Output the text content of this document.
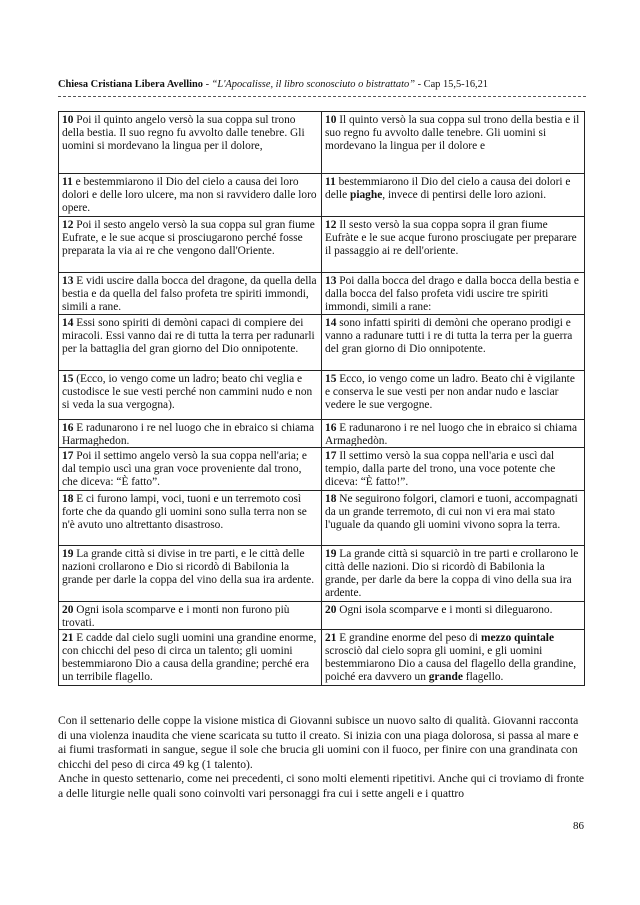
Chiesa Cristiana Libera Avellino - “L'Apocalisse, il libro sconosciuto o bistrattato” - Cap 15,5-16,21
10 Poi il quinto angelo versò la sua coppa sul trono della bestia. Il suo regno fu avvolto dalle tenebre. Gli uomini si mordevano la lingua per il dolore,	10 Il quinto versò la sua coppa sul trono della bestia e il suo regno fu avvolto dalle tenebre. Gli uomini si mordevano la lingua per il dolore e

11 e bestemmiarono il Dio del cielo a causa dei loro dolori e delle loro ulcere, ma non si ravvidero dalle loro opere.	11 bestemmiarono il Dio del cielo a causa dei dolori e delle piaghe, invece di pentirsi delle loro azioni.

12 Poi il sesto angelo versò la sua coppa sul gran fiume Eufrate, e le sue acque si prosciugarono perché fosse preparata la via ai re che vengono dall'Oriente.	12 Il sesto versò la sua coppa sopra il gran fiume Eufràte e le sue acque furono prosciugate per preparare il passaggio ai re dell'oriente.

13 E vidi uscire dalla bocca del dragone, da quella della bestia e da quella del falso profeta tre spiriti immondi, simili a rane.	13 Poi dalla bocca del drago e dalla bocca della bestia e dalla bocca del falso profeta vidi uscire tre spiriti immondi, simili a rane:

14 Essi sono spiriti di demòni capaci di compiere dei miracoli. Essi vanno dai re di tutta la terra per radunarli per la battaglia del gran giorno del Dio onnipotente.	14 sono infatti spiriti di demòni che operano prodigi e vanno a radunare tutti i re di tutta la terra per la guerra del gran giorno di Dio onnipotente.

15 (Ecco, io vengo come un ladro; beato chi veglia e custodisce le sue vesti perché non cammini nudo e non si veda la sua vergogna).	15 Ecco, io vengo come un ladro. Beato chi è vigilante e conserva le sue vesti per non andar nudo e lasciar vedere le sue vergogne.

16 E radunarono i re nel luogo che in ebraico si chiama Harmaghedon.	16 E radunarono i re nel luogo che in ebraico si chiama Armaghedòn.

17 Poi il settimo angelo versò la sua coppa nell'aria; e dal tempio uscì una gran voce proveniente dal trono, che diceva: “È fatto”.	17 Il settimo versò la sua coppa nell'aria e uscì dal tempio, dalla parte del trono, una voce potente che diceva: “È fatto!”.

18 E ci furono lampi, voci, tuoni e un terremoto così forte che da quando gli uomini sono sulla terra non se n'è avuto uno altrettanto disastroso.	18 Ne seguirono folgori, clamori e tuoni, accompagnati da un grande terremoto, di cui non vi era mai stato l'uguale da quando gli uomini vivono sopra la terra.

19 La grande città si divise in tre parti, e le città delle nazioni crollarono e Dio si ricordò di Babilonia la grande per darle la coppa del vino della sua ira ardente.	19 La grande città si squarciò in tre parti e crollarono le città delle nazioni. Dio si ricordò di Babilonia la grande, per darle da bere la coppa di vino della sua ira ardente.

20 Ogni isola scomparve e i monti non furono più trovati.	20 Ogni isola scomparve e i monti si dileguarono.

21 E cadde dal cielo sugli uomini una grandine enorme, con chicchi del peso di circa un talento; gli uomini bestemmiarono Dio a causa della grandine; perché era un terribile flagello.	21 E grandine enorme del peso di mezzo quintale scrosciò dal cielo sopra gli uomini, e gli uomini bestemmiarono Dio a causa del flagello della grandine, poiché era davvero un grande flagello.

Con il settenario delle coppe la visione mistica di Giovanni subisce un nuovo salto di qualità. Giovanni racconta di una violenza inaudita che viene scaricata su tutto il creato. Si inizia con una piaga dolorosa, si passa al mare e ai fiumi trasformati in sangue, segue il sole che brucia gli uomini con il fuoco, per finire con una grandinata con chicchi del peso di circa 49 kg (1 talento).

Anche in questo settenario, come nei precedenti, ci sono molti elementi ripetitivi. Anche qui ci troviamo di fronte a delle liturgie nelle quali sono coinvolti vari personaggi fra cui i sette angeli e i quattro

86
